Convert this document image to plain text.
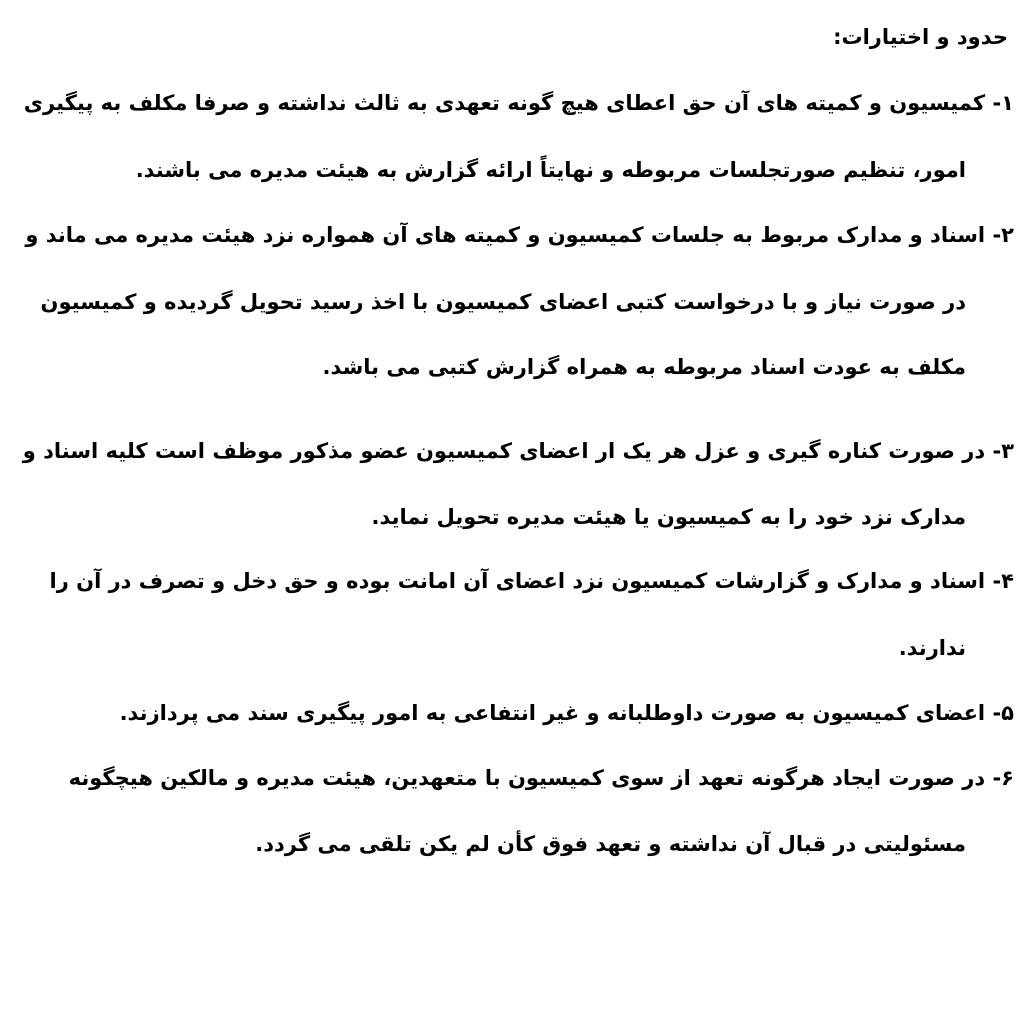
حدود و اختیارات:
۱- کمیسیون و کمیته های آن حق اعطای هیچ گونه تعهدی به ثالث نداشته و صرفا مکلف به پیگیری
امور، تنظیم صورتجلسات مربوطه و نهایتاً ارائه گزارش به هیئت مدیره می باشند.
۲- اسناد و مدارک مربوط به جلسات کمیسیون و کمیته های آن همواره نزد هیئت مدیره می ماند و
در صورت نیاز و با درخواست کتبی اعضای کمیسیون با اخذ رسید تحویل گردیده و کمیسیون
مکلف به عودت اسناد مربوطه به همراه گزارش کتبی می باشد.
۳- در صورت کناره گیری و عزل هر یک ار اعضای کمیسیون عضو مذکور موظف است کلیه اسناد و
مدارک نزد خود را به کمیسیون یا هیئت مدیره تحویل نماید.
۴- اسناد و مدارک و گزارشات کمیسیون نزد اعضای آن امانت بوده و حق دخل و تصرف در آن را
ندارند.
۵- اعضای کمیسیون به صورت داوطلبانه و غیر انتفاعی به امور پیگیری سند می پردازند.
۶- در صورت ایجاد هرگونه تعهد از سوی کمیسیون با متعهدین، هیئت مدیره و مالکین هیچگونه
مسئولیتی در قبال آن نداشته و تعهد فوق کأن لم یکن تلقی می گردد.
